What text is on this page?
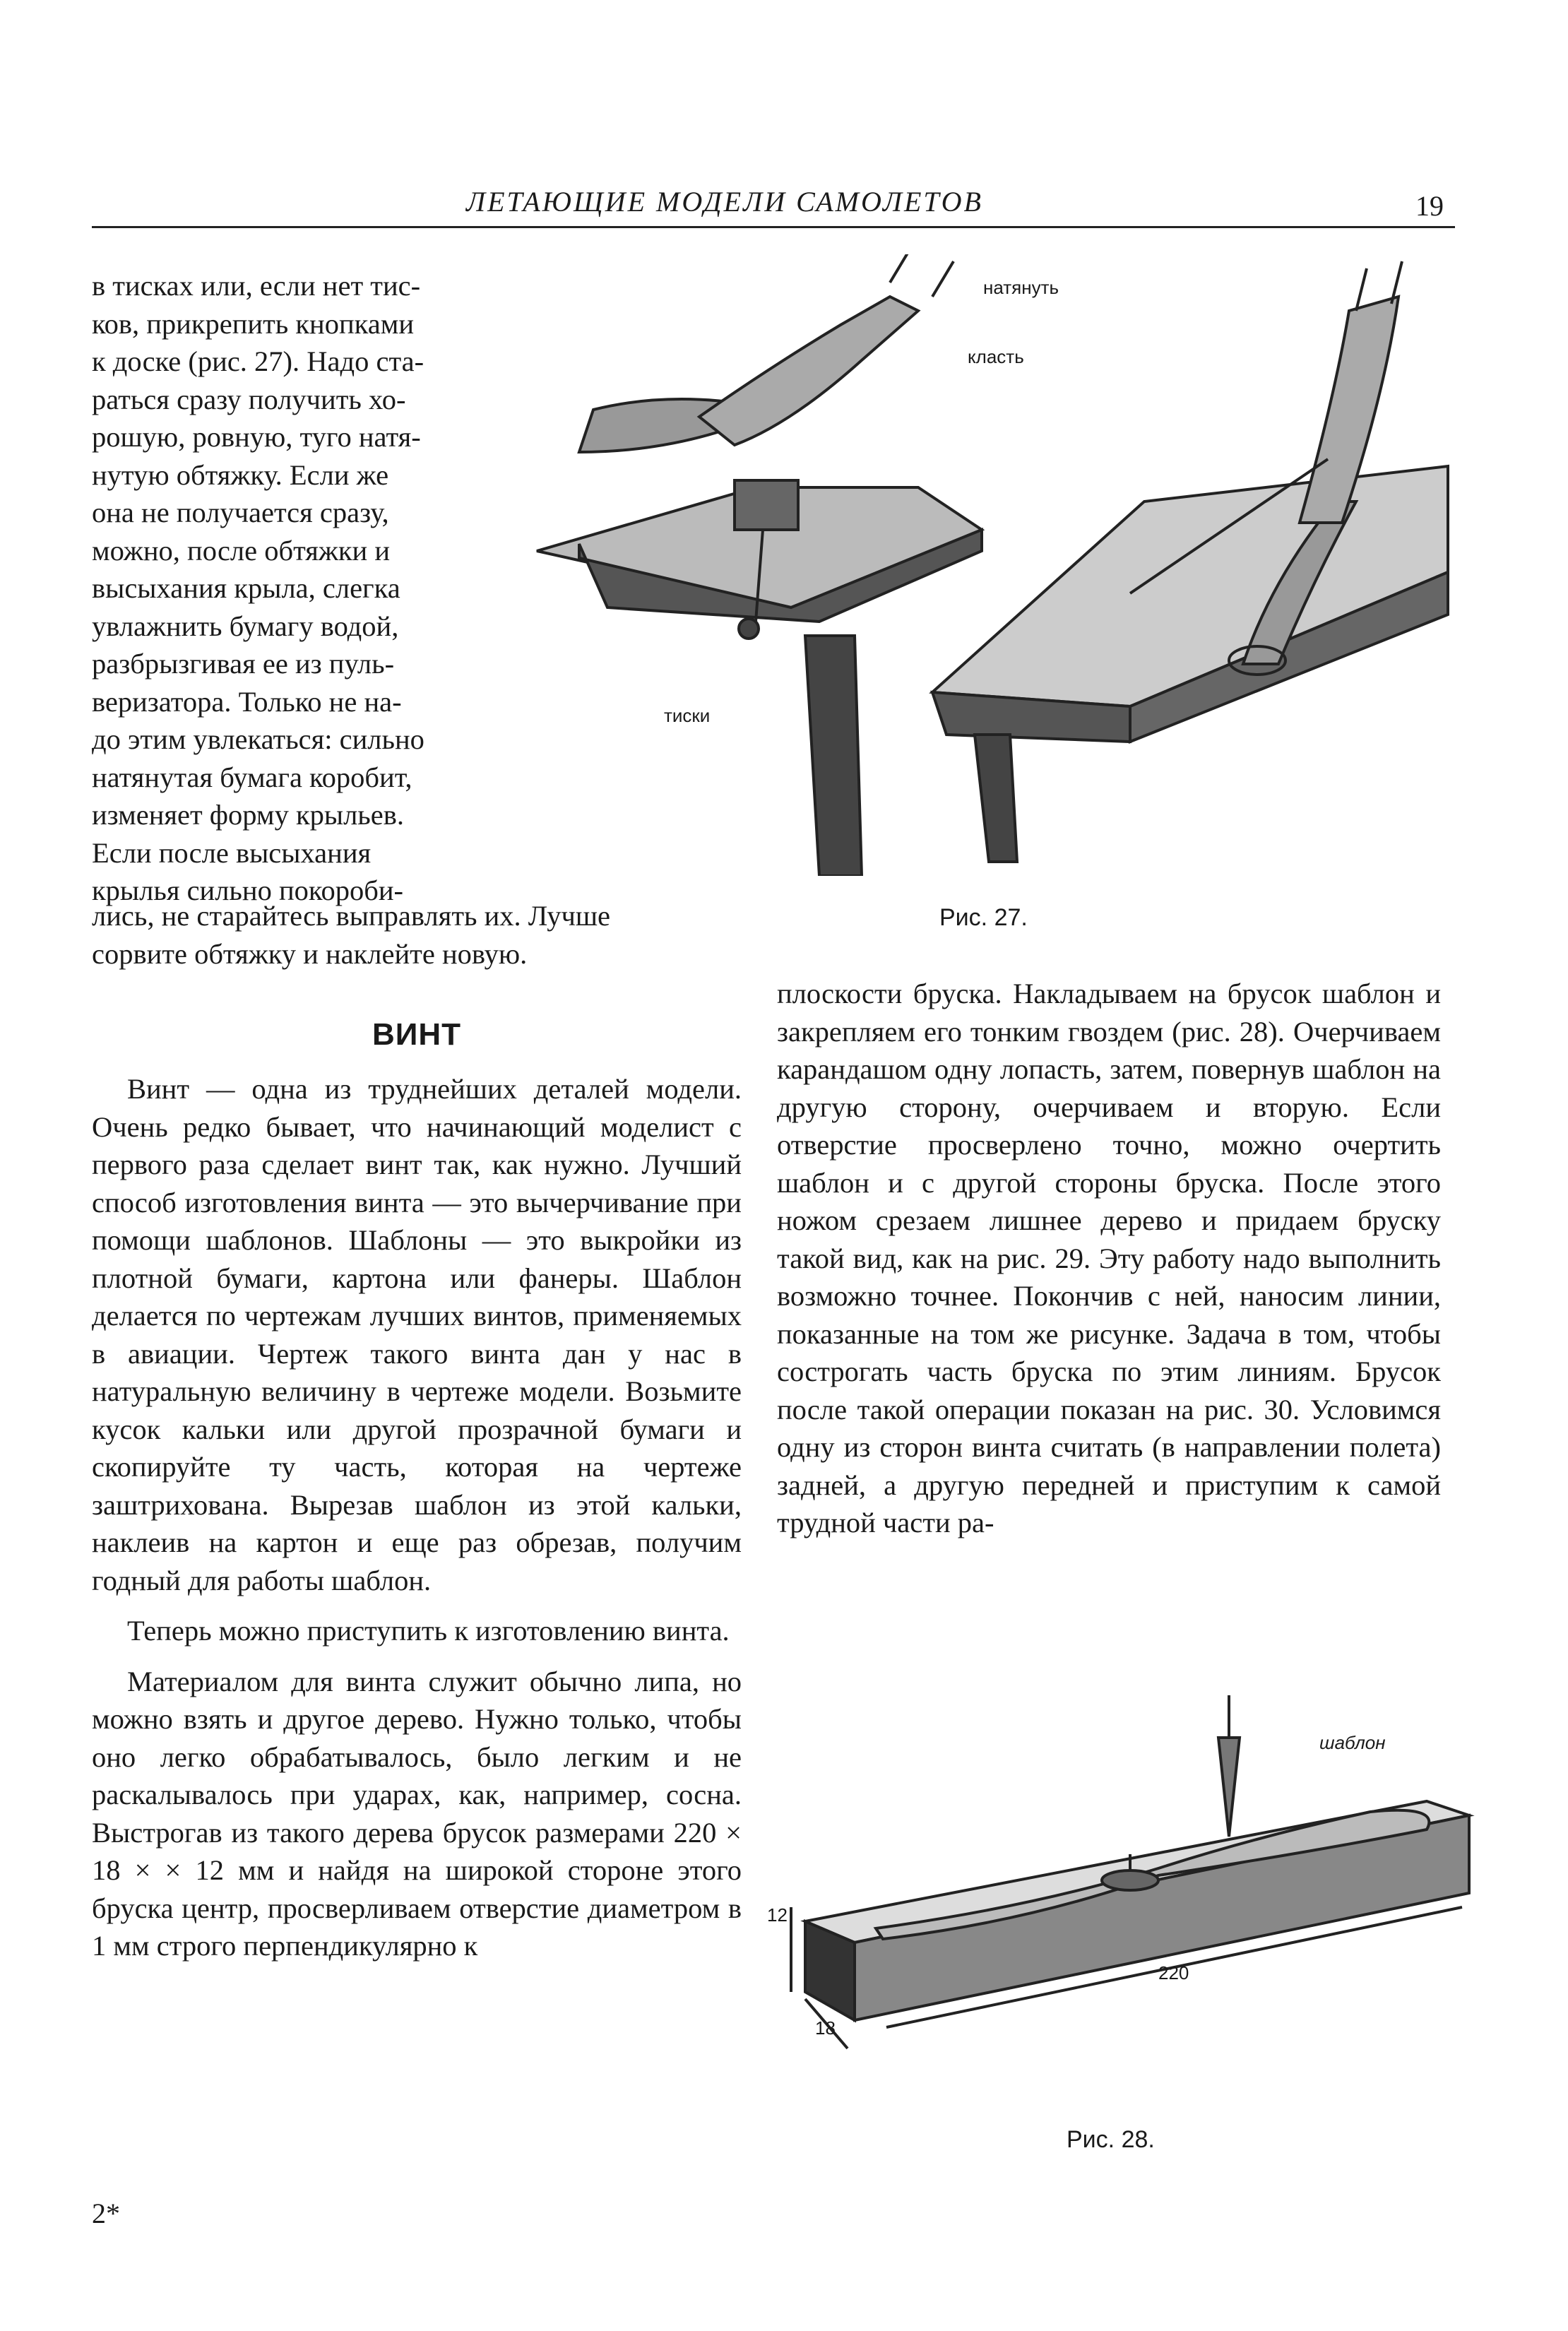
ЛЕТАЮЩИЕ МОДЕЛИ САМОЛЕТОВ	19

в тисках или, если нет тис-

ков, прикрепить кнопками

к доске (рис. 27). Надо ста-

раться сразу получить хо-

рошую, ровную, туго натя-

нутую обтяжку. Если же

она не получается сразу,

можно, после обтяжки и

высыхания крыла, слегка

увлажнить бумагу водой,

разбрызгивая ее из пуль-

веризатора. Только не на-

до этим увлекаться: сильно

натянутая бумага коробит,

изменяет форму крыльев.

Если после высыхания

крылья сильно покороби-

лись, не старайтесь выправлять их. Лучше

сорвите обтяжку и наклейте новую.

натянуть
класть
тиски
Рис. 27.
ВИНТ

Винт — одна из труднейших деталей модели. Очень редко бывает, что начинающий моделист с первого раза сделает винт так, как нужно. Лучший способ изготовления винта — это вычерчивание при помощи шаблонов. Шаблоны — это выкройки из плотной бумаги, картона или фанеры. Шаблон делается по чертежам лучших винтов, применяемых в авиации. Чертеж такого винта дан у нас в натуральную величину в чертеже модели. Возьмите кусок кальки или другой прозрачной бумаги и скопируйте ту часть, которая на чертеже заштрихована. Вырезав шаблон из этой кальки, наклеив на картон и еще раз обрезав, получим годный для работы шаблон.

Теперь можно приступить к изготовлению винта.

Материалом для винта служит обычно липа, но можно взять и другое дерево. Нужно только, чтобы оно легко обрабатывалось, было легким и не раскалывалось при ударах, как, например, сосна. Выстрогав из такого дерева брусок размерами 220 × 18 × × 12 мм и найдя на широкой стороне этого бруска центр, просверливаем отверстие диаметром в 1 мм строго перпендикулярно к

плоскости бруска. Накладываем на брусок шаблон и закрепляем его тонким гвоздем (рис. 28). Очерчиваем карандашом одну лопасть, затем, повернув шаблон на другую сторону, очерчиваем и вторую. Если отверстие просверлено точно, можно очертить шаблон и с другой стороны бруска. После этого ножом срезаем лишнее дерево и придаем бруску такой вид, как на рис. 29. Эту работу надо выполнить возможно точнее. Покончив с ней, наносим линии, показанные на том же рисунке. Задача в том, чтобы сострогать часть бруска по этим линиям. Брусок после такой операции показан на рис. 30. Условимся одну из сторон винта считать (в направлении полета) задней, а другую передней и приступим к самой трудной части ра-

шаблон
220
12
18
Рис. 28.
2*
